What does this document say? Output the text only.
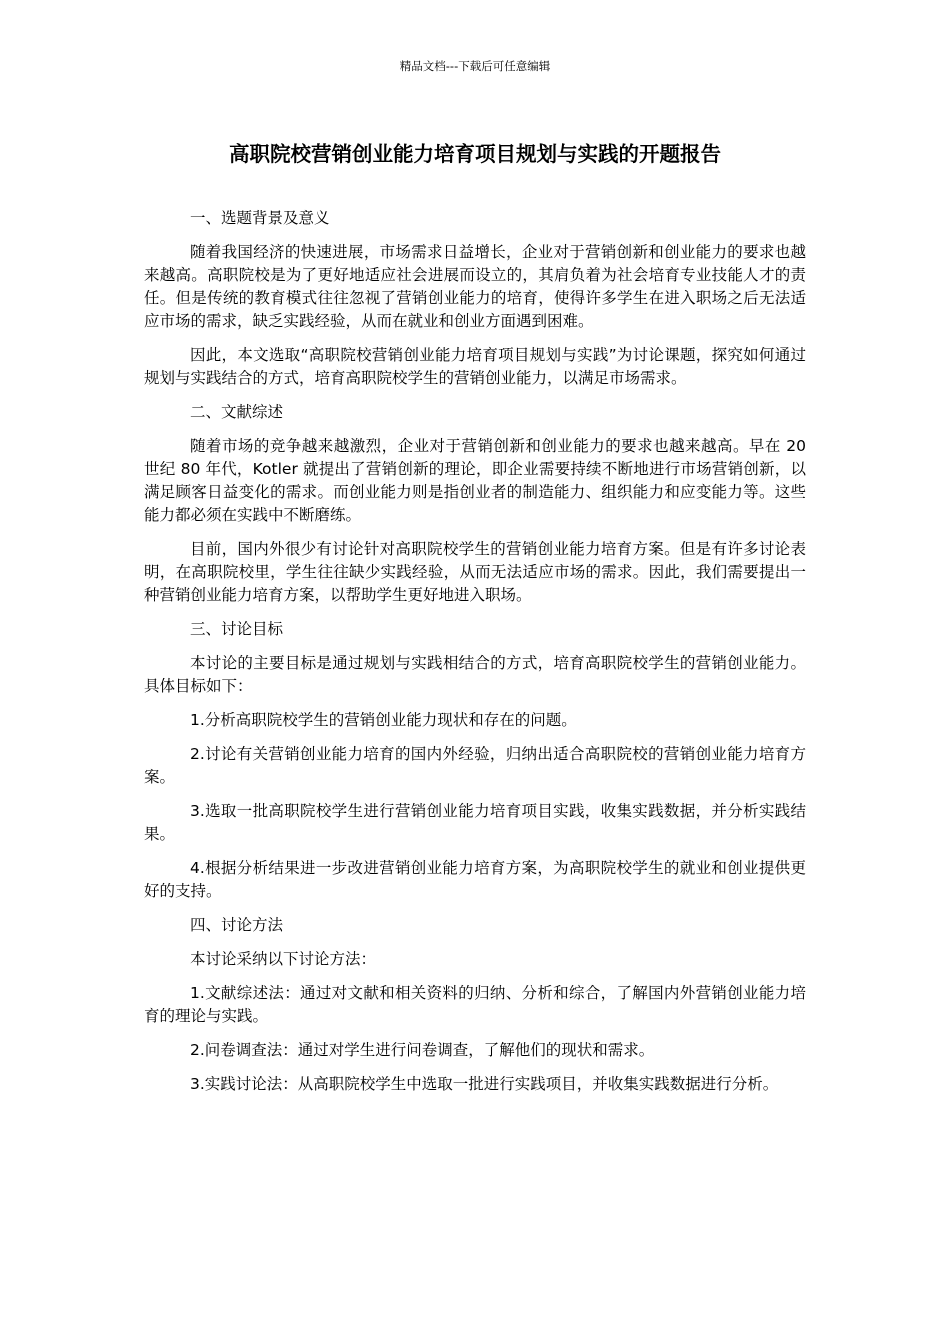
精品文档---下载后可任意编辑
高职院校营销创业能力培育项目规划与实践的开题报告

一、选题背景及意义

随着我国经济的快速进展，市场需求日益增长，企业对于营销创新和创业能力的要求也越来越高。高职院校是为了更好地适应社会进展而设立的，其肩负着为社会培育专业技能人才的责任。但是传统的教育模式往往忽视了营销创业能力的培育，使得许多学生在进入职场之后无法适应市场的需求，缺乏实践经验，从而在就业和创业方面遇到困难。

因此，本文选取“高职院校营销创业能力培育项目规划与实践”为讨论课题，探究如何通过规划与实践结合的方式，培育高职院校学生的营销创业能力，以满足市场需求。

二、文献综述

随着市场的竞争越来越激烈，企业对于营销创新和创业能力的要求也越来越高。早在 20 世纪 80 年代，Kotler 就提出了营销创新的理论，即企业需要持续不断地进行市场营销创新，以满足顾客日益变化的需求。而创业能力则是指创业者的制造能力、组织能力和应变能力等。这些能力都必须在实践中不断磨练。

目前，国内外很少有讨论针对高职院校学生的营销创业能力培育方案。但是有许多讨论表明，在高职院校里，学生往往缺少实践经验，从而无法适应市场的需求。因此，我们需要提出一种营销创业能力培育方案，以帮助学生更好地进入职场。

三、讨论目标

本讨论的主要目标是通过规划与实践相结合的方式，培育高职院校学生的营销创业能力。具体目标如下：

1.分析高职院校学生的营销创业能力现状和存在的问题。

2.讨论有关营销创业能力培育的国内外经验，归纳出适合高职院校的营销创业能力培育方案。

3.选取一批高职院校学生进行营销创业能力培育项目实践，收集实践数据，并分析实践结果。

4.根据分析结果进一步改进营销创业能力培育方案，为高职院校学生的就业和创业提供更好的支持。

四、讨论方法

本讨论采纳以下讨论方法：

1.文献综述法：通过对文献和相关资料的归纳、分析和综合，了解国内外营销创业能力培育的理论与实践。

2.问卷调查法：通过对学生进行问卷调查，了解他们的现状和需求。

3.实践讨论法：从高职院校学生中选取一批进行实践项目，并收集实践数据进行分析。
